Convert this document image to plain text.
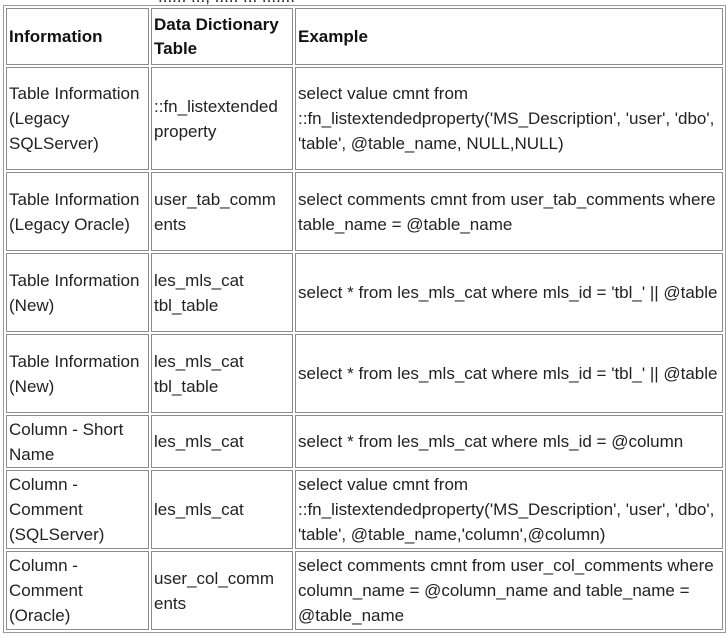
Information	Data Dictionary Table	Example
Table Information (Legacy SQLServer)	::fn_listextended property	select value cmnt from ::fn_listextendedproperty('MS_Description', 'user', 'dbo', 'table', @table_name, NULL,NULL)
Table Information (Legacy Oracle)	user_tab_comm ents	select comments cmnt from user_tab_comments where table_name = @table_name
Table Information (New)	les_mls_cat tbl_table	select * from les_mls_cat where mls_id = 'tbl_' || @table
Table Information (New)	les_mls_cat tbl_table	select * from les_mls_cat where mls_id = 'tbl_' || @table
Column - Short Name	les_mls_cat	select * from les_mls_cat where mls_id = @column
Column - Comment (SQLServer)	les_mls_cat	select value cmnt from ::fn_listextendedproperty('MS_Description', 'user', 'dbo', 'table', @table_name,'column',@column)
Column - Comment (Oracle)	user_col_comm ents	select comments cmnt from user_col_comments where column_name = @column_name and table_name = @table_name
